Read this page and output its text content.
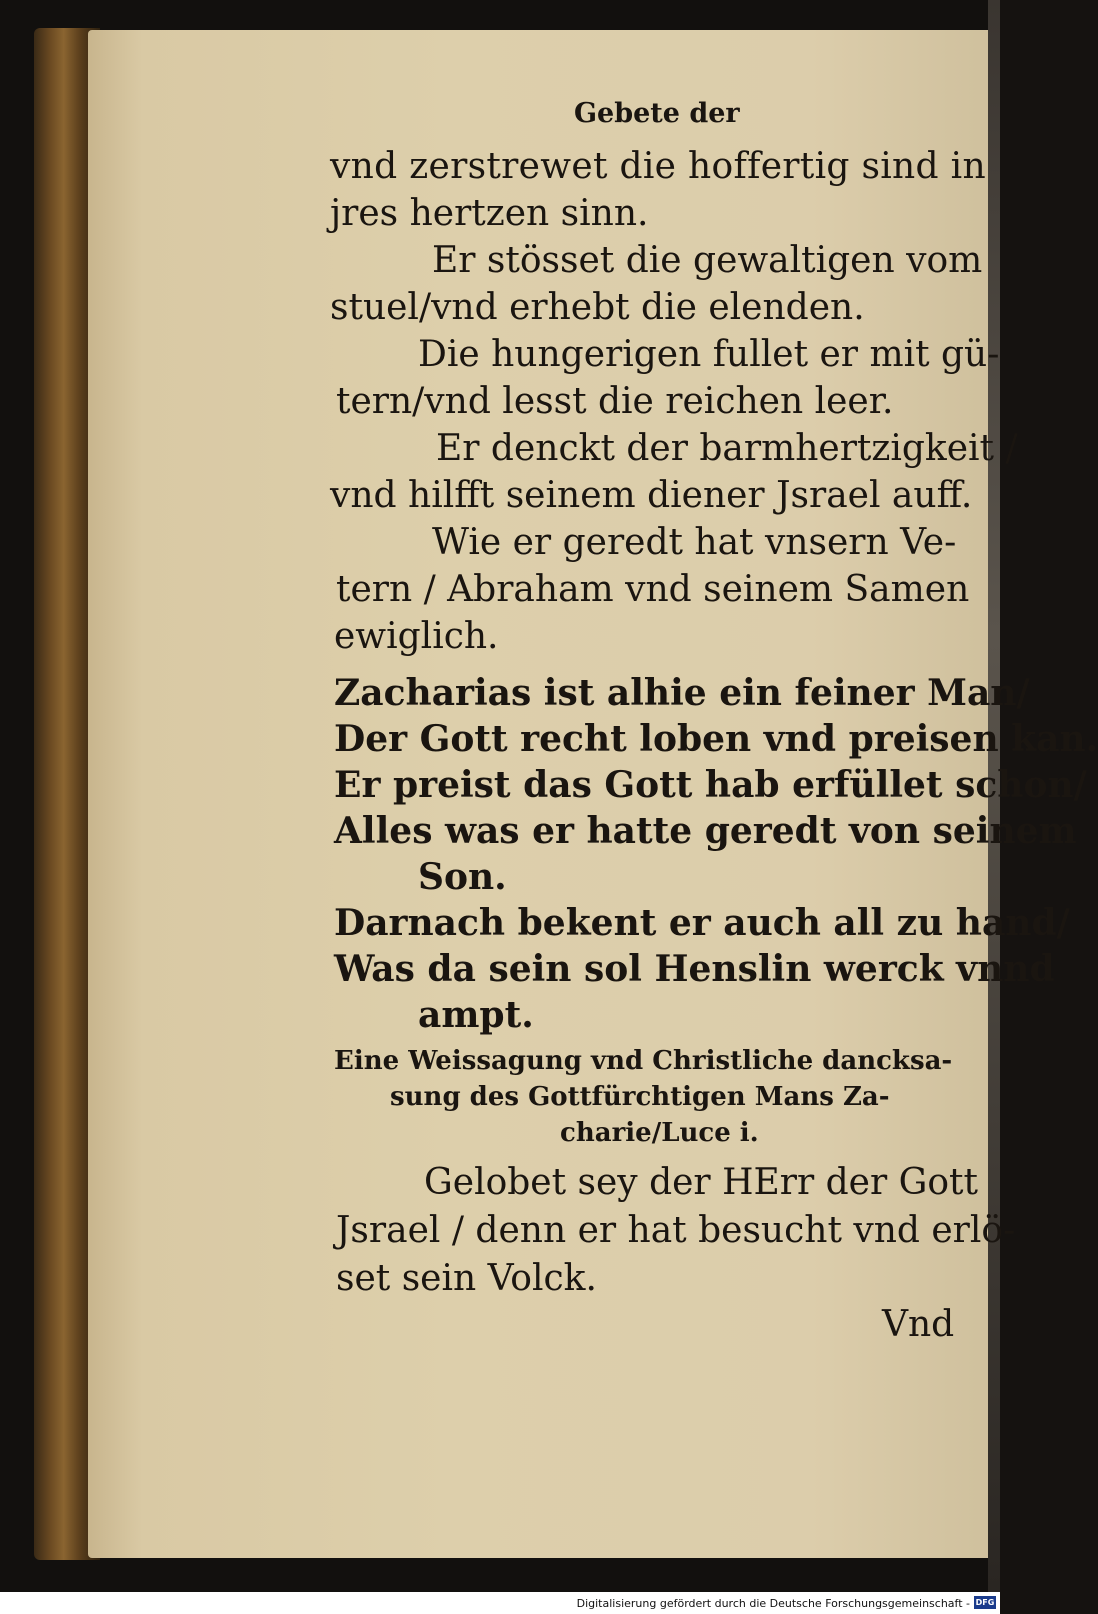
Gebete der
vnd zerstrewet die hoffertig sind in
jres hertzen sinn.
Er stösset die gewaltigen vom
stuel/vnd erhebt die elenden.
Die hungerigen fullet er mit gü-
tern/vnd lesst die reichen leer.
Er denckt der barmhertzigkeit /
vnd hilfft seinem diener Jsrael auff.
Wie er geredt hat vnsern Ve-
tern / Abraham vnd seinem Samen
ewiglich.
Zacharias ist alhie ein feiner Man/
Der Gott recht loben vnd preisen kan.
Er preist das Gott hab erfüllet schon/
Alles was er hatte geredt von seinem
Son.
Darnach bekent er auch all zu hand/
Was da sein sol Henslin werck vnnd
ampt.
Eine Weissagung vnd Christliche dancksa-
sung des Gottfürchtigen Mans Za-
charie/Luce i.
Gelobet sey der HErr der Gott
Jsrael / denn er hat besucht vnd erlö-
set sein Volck.
Vnd
Digitalisierung gefördert durch die Deutsche Forschungsgemeinschaft - DFG
